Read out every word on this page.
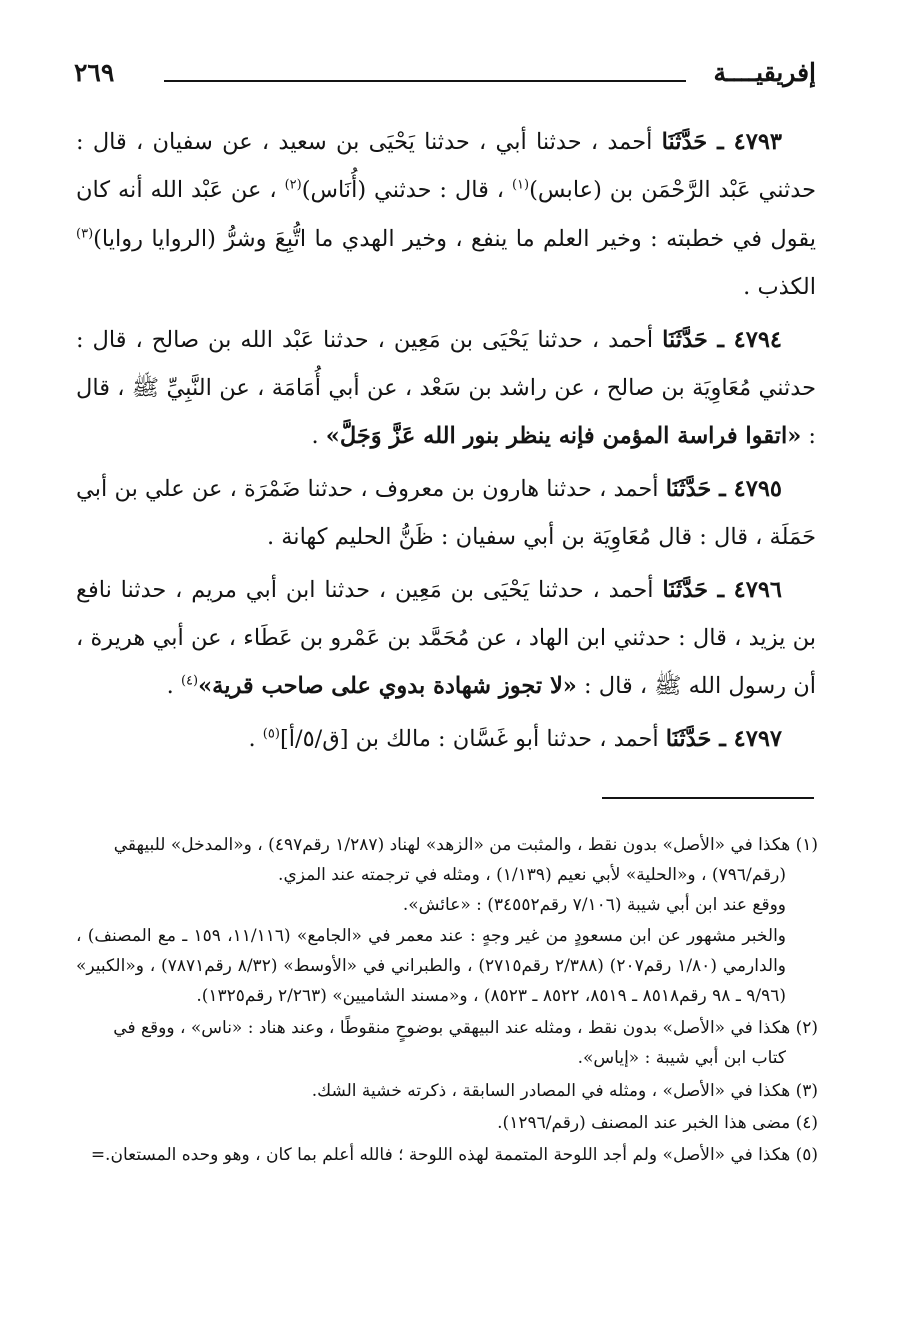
إفريقيــــة
٢٦٩

٤٧٩٣ ـ حَدَّثَنَا أحمد ، حدثنا أبي ، حدثنا يَحْيَى بن سعيد ، عن سفيان ، قال : حدثني عَبْد الرَّحْمَن بن (عابس)$^{(١)}$ ، قال : حدثني (أُنَاس)$^{(٢)}$ ، عن عَبْد الله أنه كان يقول في خطبته : وخير العلم ما ينفع ، وخير الهدي ما اتُّبِعَ وشرُّ (الروايا روايا)$^{(٣)}$ الكذب .

٤٧٩٤ ـ حَدَّثَنَا أحمد ، حدثنا يَحْيَى بن مَعِين ، حدثنا عَبْد الله بن صالح ، قال : حدثني مُعَاوِيَة بن صالح ، عن راشد بن سَعْد ، عن أبي أُمَامَة ، عن النَّبِيِّ ﷺ ، قال : «اتقوا فراسة المؤمن فإنه ينظر بنور الله عَزَّ وَجَلَّ» .

٤٧٩٥ ـ حَدَّثَنَا أحمد ، حدثنا هارون بن معروف ، حدثنا ضَمْرَة ، عن علي بن أبي حَمَلَة ، قال : قال مُعَاوِيَة بن أبي سفيان : ظَنُّ الحليم كهانة .

٤٧٩٦ ـ حَدَّثَنَا أحمد ، حدثنا يَحْيَى بن مَعِين ، حدثنا ابن أبي مريم ، حدثنا نافع بن يزيد ، قال : حدثني ابن الهاد ، عن مُحَمَّد بن عَمْرو بن عَطَاء ، عن أبي هريرة ، أن رسول الله ﷺ ، قال : «لا تجوز شهادة بدوي على صاحب قرية»$^{(٤)}$ .

٤٧٩٧ ـ حَدَّثَنَا أحمد ، حدثنا أبو غَسَّان : مالك بن [ق/٥/أ]$^{(٥)}$ .

(١) هكذا في «الأصل» بدون نقط ، والمثبت من «الزهد» لهناد (١/٢٨٧ رقم٤٩٧) ، و«المدخل» للبيهقي
(رقم/٧٩٦) ، و«الحلية» لأبي نعيم (١/١٣٩) ، ومثله في ترجمته عند المزي.
ووقع عند ابن أبي شيبة (٧/١٠٦ رقم٣٤٥٥٢) : «عائش».
والخبر مشهور عن ابن مسعودٍ من غير وجهٍ : عند معمر في «الجامع» (١١/١١٦، ١٥٩ ـ مع المصنف) ، والدارمي (١/٨٠ رقم٢٠٧) (٢/٣٨٨ رقم٢٧١٥) ، والطبراني في «الأوسط» (٨/٣٢ رقم٧٨٧١) ، و«الكبير» (٩/٩٦ ـ ٩٨ رقم٨٥١٨ ـ ٨٥١٩، ٨٥٢٢ ـ ٨٥٢٣) ، و«مسند الشاميين» (٢/٢٦٣ رقم١٣٢٥).

(٢) هكذا في «الأصل» بدون نقط ، ومثله عند البيهقي بوضوحٍ منقوطًا ، وعند هناد : «ناس» ، ووقع في
كتاب ابن أبي شيبة : «إياس».

(٣) هكذا في «الأصل» ، ومثله في المصادر السابقة ، ذكرته خشية الشك.

(٤) مضى هذا الخبر عند المصنف (رقم/١٢٩٦).

(٥) هكذا في «الأصل» ولم أجد اللوحة المتممة لهذه اللوحة ؛ فالله أعلم بما كان ، وهو وحده المستعان.=
